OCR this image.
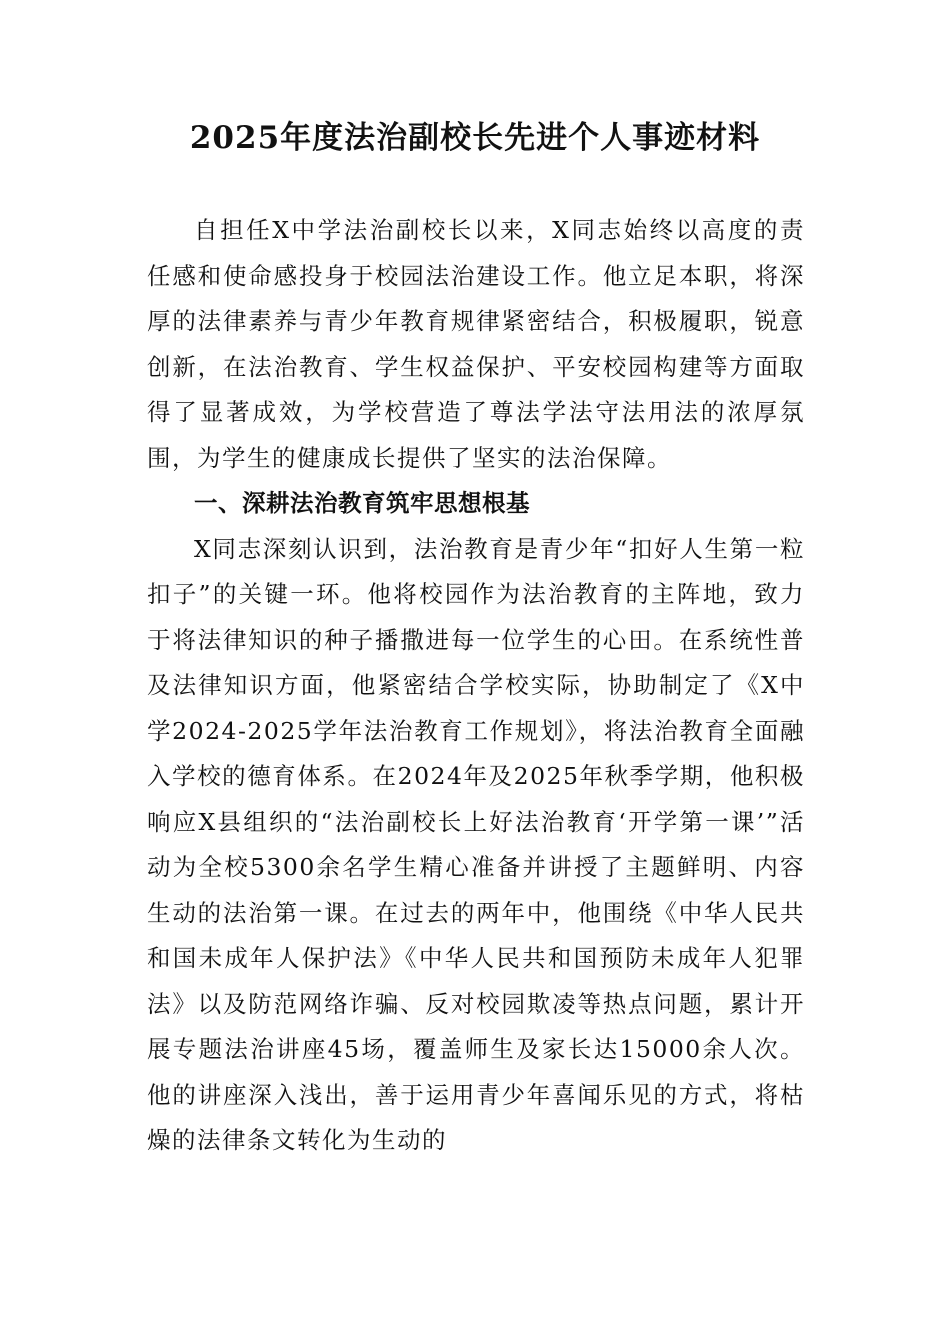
2025年度法治副校长先进个人事迹材料

自担任X中学法治副校长以来，X同志始终以高度的责任感和使命感投身于校园法治建设工作。他立足本职，将深厚的法律素养与青少年教育规律紧密结合，积极履职，锐意创新，在法治教育、学生权益保护、平安校园构建等方面取得了显著成效，为学校营造了尊法学法守法用法的浓厚氛围，为学生的健康成长提供了坚实的法治保障。

一、深耕法治教育筑牢思想根基

X同志深刻认识到，法治教育是青少年“扣好人生第一粒扣子”的关键一环。他将校园作为法治教育的主阵地，致力于将法律知识的种子播撒进每一位学生的心田。在系统性普及法律知识方面，他紧密结合学校实际，协助制定了《X中学2024-2025学年法治教育工作规划》，将法治教育全面融入学校的德育体系。在2024年及2025年秋季学期，他积极响应X县组织的“法治副校长上好法治教育‘开学第一课’”活动为全校5300余名学生精心准备并讲授了主题鲜明、内容生动的法治第一课。在过去的两年中，他围绕《中华人民共和国未成年人保护法》《中华人民共和国预防未成年人犯罪法》以及防范网络诈骗、反对校园欺凌等热点问题，累计开展专题法治讲座45场，覆盖师生及家长达15000余人次。他的讲座深入浅出，善于运用青少年喜闻乐见的方式，将枯燥的法律条文转化为生动的
